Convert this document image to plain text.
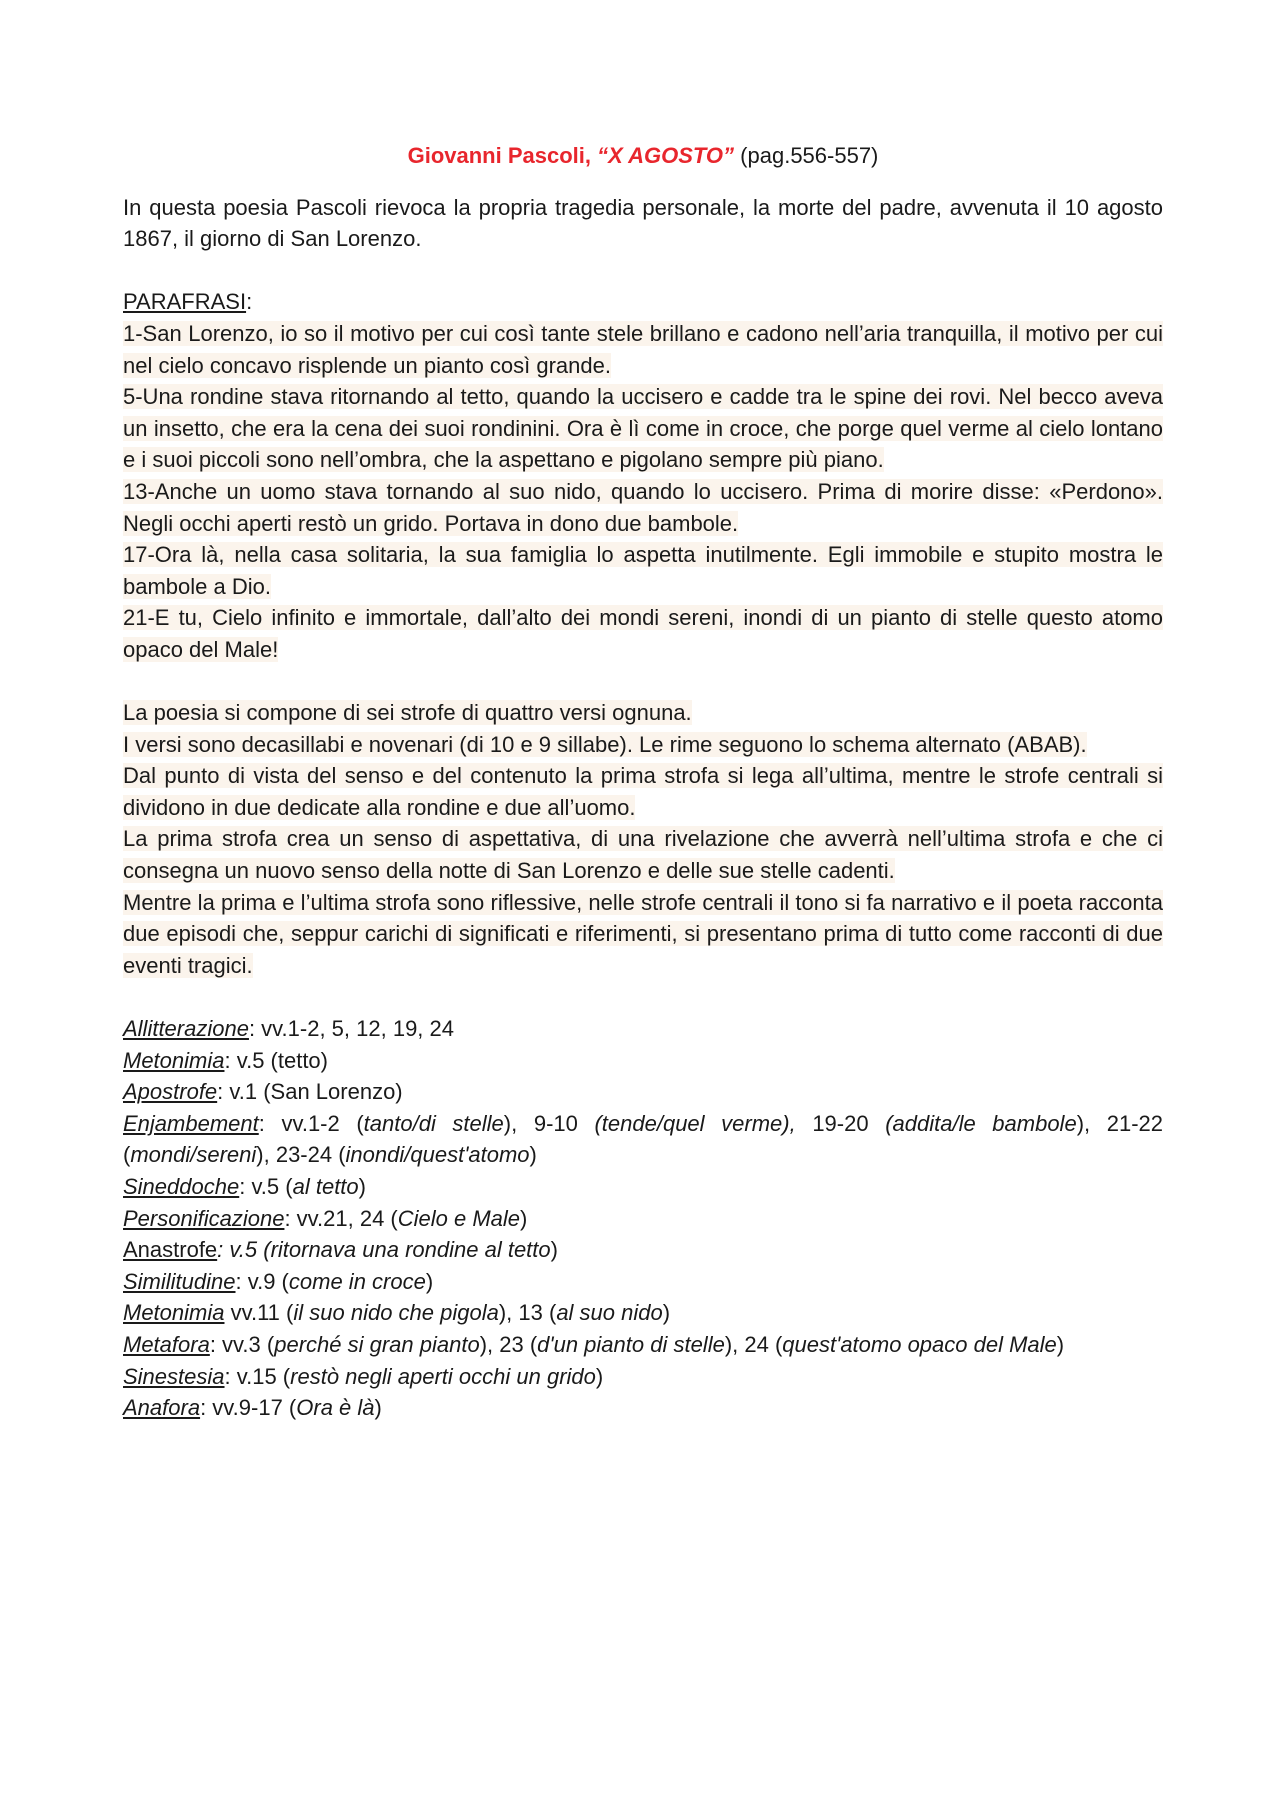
Giovanni Pascoli, “X AGOSTO” (pag.556-557)

In questa poesia Pascoli rievoca la propria tragedia personale, la morte del padre, avvenuta il 10 agosto 1867, il giorno di San Lorenzo.

PARAFRASI:

1-San Lorenzo, io so il motivo per cui così tante stele brillano e cadono nell’aria tranquilla, il motivo per cui nel cielo concavo risplende un pianto così grande.

5-Una rondine stava ritornando al tetto, quando la uccisero e cadde tra le spine dei rovi. Nel becco aveva un insetto, che era la cena dei suoi rondinini. Ora è lì come in croce, che porge quel verme al cielo lontano e i suoi piccoli sono nell’ombra, che la aspettano e pigolano sempre più piano.

13-Anche un uomo stava tornando al suo nido, quando lo uccisero. Prima di morire disse: «Perdono». Negli occhi aperti restò un grido. Portava in dono due bambole.

17-Ora là, nella casa solitaria, la sua famiglia lo aspetta inutilmente. Egli immobile e stupito mostra le bambole a Dio.

21-E tu, Cielo infinito e immortale, dall’alto dei mondi sereni, inondi di un pianto di stelle questo atomo opaco del Male!

La poesia si compone di sei strofe di quattro versi ognuna.

I versi sono decasillabi e novenari (di 10 e 9 sillabe). Le rime seguono lo schema alternato (ABAB).

Dal punto di vista del senso e del contenuto la prima strofa si lega all’ultima, mentre le strofe centrali si dividono in due dedicate alla rondine e due all’uomo.

La prima strofa crea un senso di aspettativa, di una rivelazione che avverrà nell’ultima strofa e che ci consegna un nuovo senso della notte di San Lorenzo e delle sue stelle cadenti.

Mentre la prima e l’ultima strofa sono riflessive, nelle strofe centrali il tono si fa narrativo e il poeta racconta due episodi che, seppur carichi di significati e riferimenti, si presentano prima di tutto come racconti di due eventi tragici.

Allitterazione: vv.1-2, 5, 12, 19, 24

Metonimia: v.5 (tetto)

Apostrofe: v.1 (San Lorenzo)

Enjambement: vv.1-2 (tanto/di stelle), 9-10 (tende/quel verme), 19-20 (addita/le bambole), 21-22 (mondi/sereni), 23-24 (inondi/quest'atomo)

Sineddoche: v.5 (al tetto)

Personificazione: vv.21, 24 (Cielo e Male)

Anastrofe: v.5 (ritornava una rondine al tetto)

Similitudine: v.9 (come in croce)

Metonimia vv.11 (il suo nido che pigola), 13 (al suo nido)

Metafora: vv.3 (perché si gran pianto), 23 (d'un pianto di stelle), 24 (quest'atomo opaco del Male)

Sinestesia: v.15 (restò negli aperti occhi un grido)

Anafora: vv.9-17 (Ora è là)
